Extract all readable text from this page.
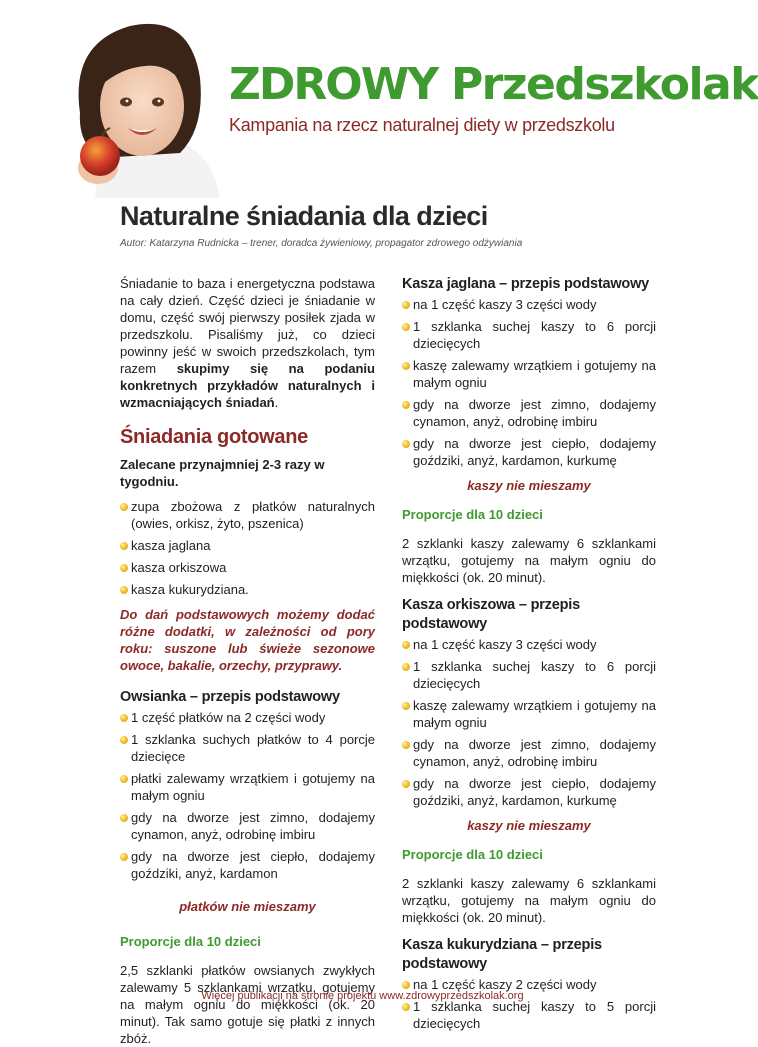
ZDROWY Przedszkolak

Kampania na rzecz naturalnej diety w przedszkolu

Naturalne śniadania dla dzieci

Autor: Katarzyna Rudnicka – trener, doradca żywieniowy, propagator zdrowego odżywiania

Śniadanie to baza i energetyczna podstawa na cały dzień. Część dzieci je śniadanie w domu, część swój pierwszy posiłek zjada w przedszkolu. Pisaliśmy już, co dzieci powinny jeść w swoich przedszkolach, tym razem skupimy się na podaniu konkretnych przykładów naturalnych i wzmacniających śniadań.

Śniadania gotowane

Zalecane przynajmniej 2-3 razy w tygodniu.

zupa zbożowa z płatków naturalnych (owies, orkisz, żyto, pszenica)
kasza jaglana
kasza orkiszowa
kasza kukurydziana.

Do dań podstawowych możemy dodać różne dodatki, w zależności od pory roku: suszone lub świeże sezonowe owoce, bakalie, orzechy, przyprawy.

Owsianka – przepis podstawowy
1 część płatków na 2 części wody
1 szklanka suchych płatków to 4 porcje dziecięce
płatki zalewamy wrzątkiem i gotujemy na małym ogniu
gdy na dworze jest zimno, dodajemy cynamon, anyż, odrobinę imbiru
gdy na dworze jest ciepło, dodajemy goździki, anyż, kardamon

płatków nie mieszamy

Proporcje dla 10 dzieci

2,5 szklanki płatków owsianych zwykłych zalewamy 5 szklankami wrzątku, gotujemy na małym ogniu do miękkości (ok. 20 minut). Tak samo gotuje się płatki z innych zbóż.

Kasza jaglana – przepis podstawowy
na 1 część kaszy 3 części wody
1 szklanka suchej kaszy to 6 porcji dziecięcych
kaszę zalewamy wrzątkiem i gotujemy na małym ogniu
gdy na dworze jest zimno, dodajemy cynamon, anyż, odrobinę imbiru
gdy na dworze jest ciepło, dodajemy goździki, anyż, kardamon, kurkumę

kaszy nie mieszamy

Proporcje dla 10 dzieci

2 szklanki kaszy zalewamy 6 szklankami wrzątku, gotujemy na małym ogniu do miękkości (ok. 20 minut).

Kasza orkiszowa – przepis podstawowy
na 1 część kaszy 3 części wody
1 szklanka suchej kaszy to 6 porcji dziecięcych
kaszę zalewamy wrzątkiem i gotujemy na małym ogniu
gdy na dworze jest zimno, dodajemy cynamon, anyż, odrobinę imbiru
gdy na dworze jest ciepło, dodajemy goździki, anyż, kardamon, kurkumę

kaszy nie mieszamy

Proporcje dla 10 dzieci

2 szklanki kaszy zalewamy 6 szklankami wrzątku, gotujemy na małym ogniu do miękkości (ok. 20 minut).

Kasza kukurydziana – przepis podstawowy
na 1 część kaszy 2 części wody
1 szklanka suchej kaszy to 5 porcji dziecięcych
Więcej publikacji na stronie projektu www.zdrowyprzedszkolak.org
